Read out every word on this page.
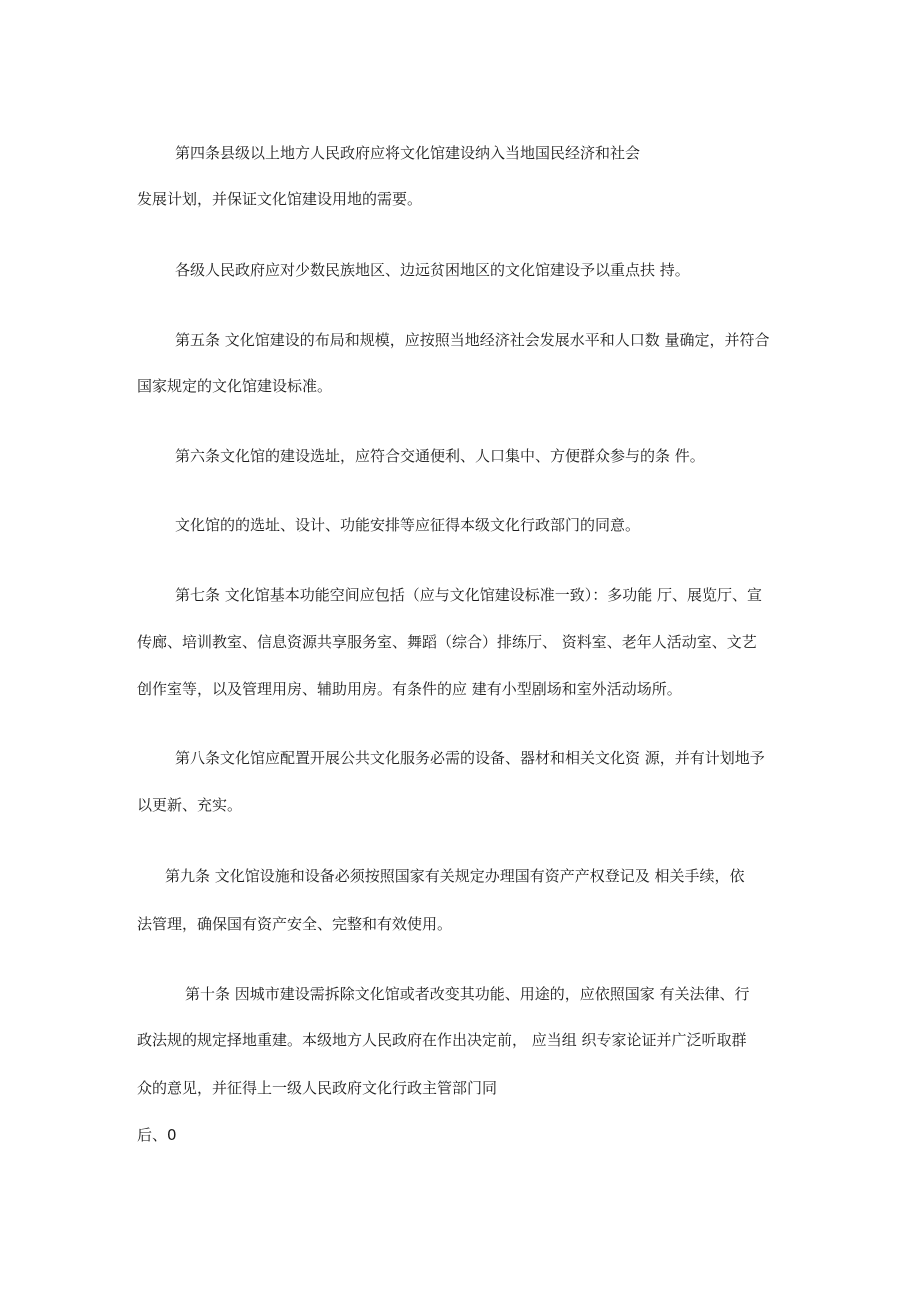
第四条县级以上地方人民政府应将文化馆建设纳入当地国民经济和社会
发展计划，并保证文化馆建设用地的需要。
各级人民政府应对少数民族地区、边远贫困地区的文化馆建设予以重点扶 持。
第五条 文化馆建设的布局和规模，应按照当地经济社会发展水平和人口数 量确定，并符合
国家规定的文化馆建设标准。
第六条文化馆的建设选址，应符合交通便利、人口集中、方便群众参与的条 件。
文化馆的的选址、设计、功能安排等应征得本级文化行政部门的同意。
第七条 文化馆基本功能空间应包括（应与文化馆建设标准一致）：多功能 厅、展览厅、宣
传廊、培训教室、信息资源共享服务室、舞蹈（综合）排练厅、 资料室、老年人活动室、文艺
创作室等，以及管理用房、辅助用房。有条件的应 建有小型剧场和室外活动场所。
第八条文化馆应配置开展公共文化服务必需的设备、器材和相关文化资 源，并有计划地予
以更新、充实。
第九条 文化馆设施和设备必须按照国家有关规定办理国有资产产权登记及 相关手续，依
法管理，确保国有资产安全、完整和有效使用。
第十条 因城市建设需拆除文化馆或者改变其功能、用途的，应依照国家 有关法律、行
政法规的规定择地重建。本级地方人民政府在作出决定前， 应当组 织专家论证并广泛听取群
众的意见，并征得上一级人民政府文化行政主管部门同
后、0
